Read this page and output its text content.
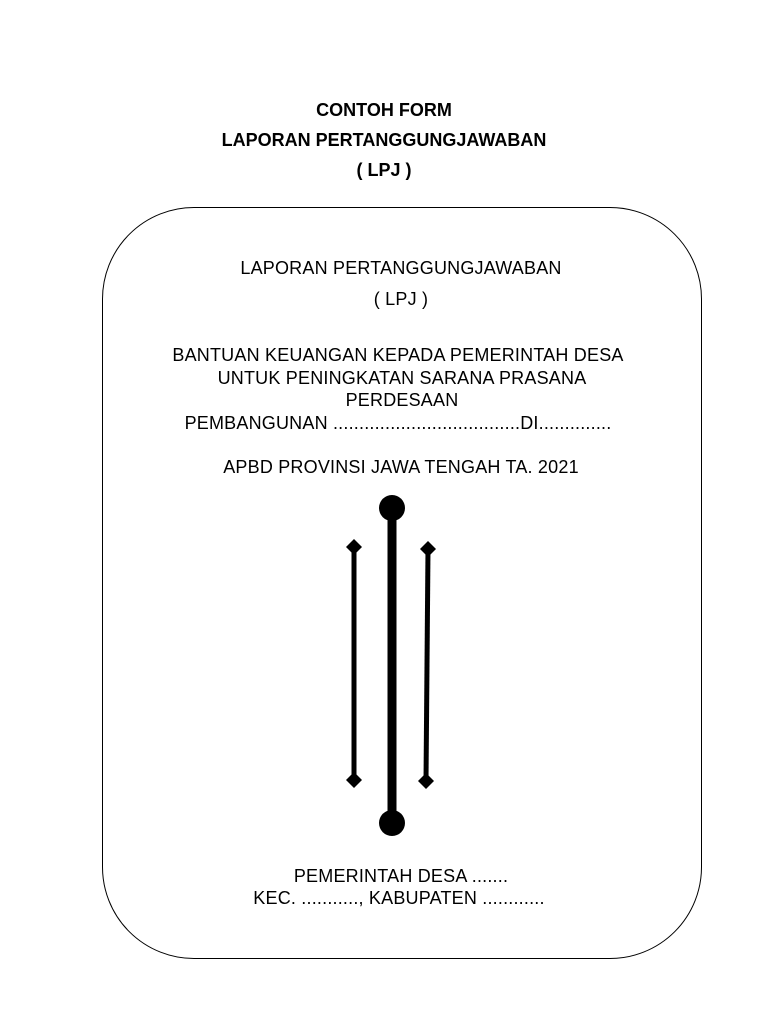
CONTOH FORM
LAPORAN PERTANGGUNGJAWABAN
( LPJ )
LAPORAN PERTANGGUNGJAWABAN
( LPJ )
BANTUAN KEUANGAN KEPADA PEMERINTAH DESA
UNTUK PENINGKATAN SARANA PRASANA
PERDESAAN
PEMBANGUNAN ....................................DI..............
APBD PROVINSI JAWA TENGAH TA. 2021
PEMERINTAH DESA .......
KEC. ..........., KABUPATEN ............
